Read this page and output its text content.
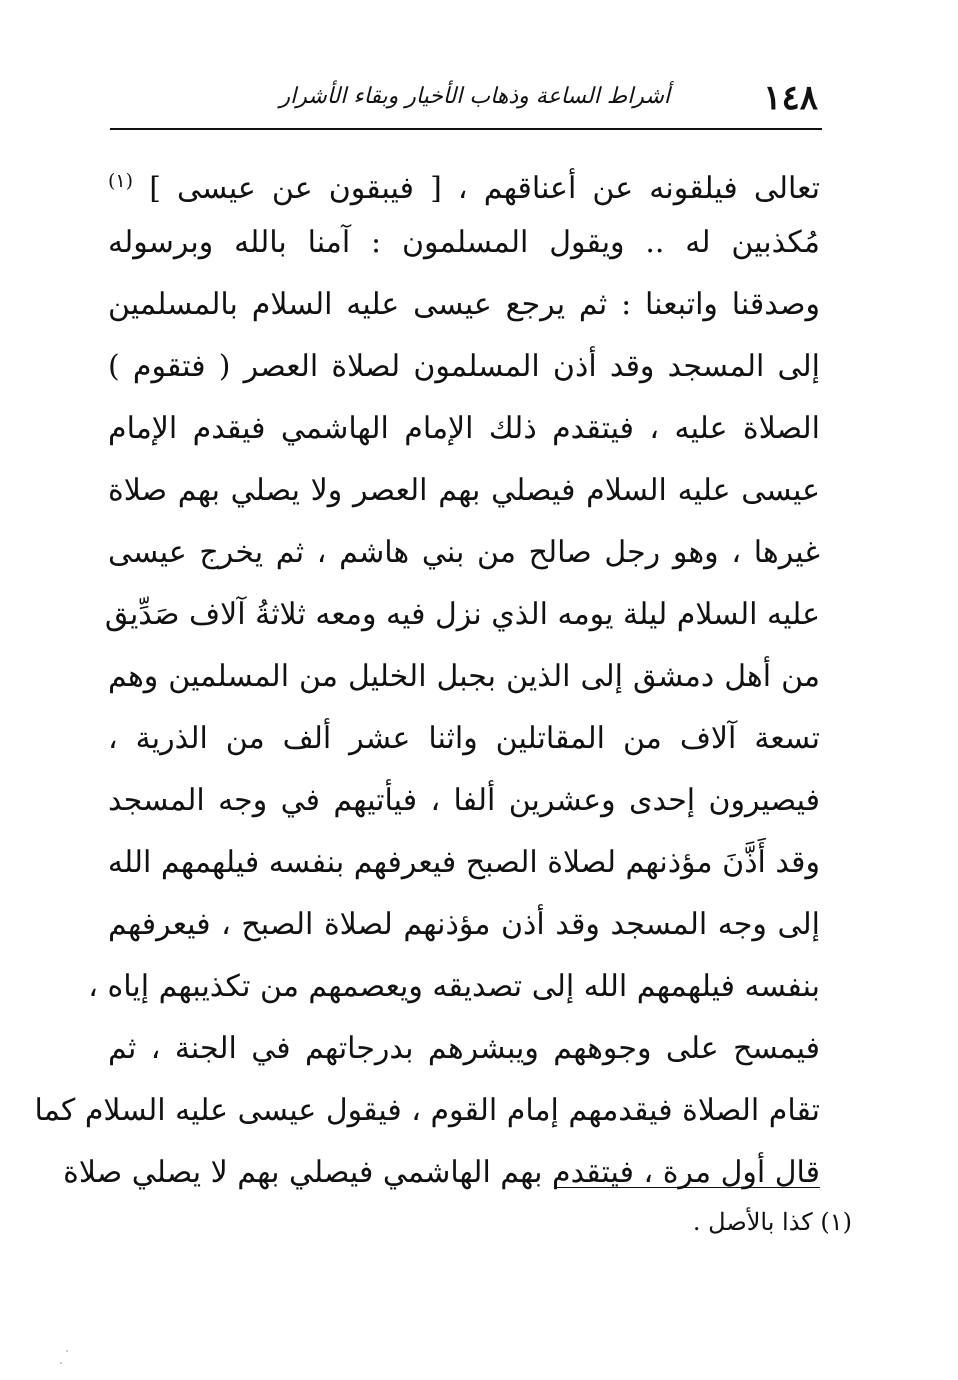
أشراط الساعة وذهاب الأخيار وبقاء الأشرار	١٤٨
تعالى فيلقونه عن أعناقهم ، [ فيبقون عن عيسى ] $^{(١)}$
مُكذبين له .. ويقول المسلمون : آمنا بالله وبرسوله
وصدقنا واتبعنا : ثم يرجع عيسى عليه السلام بالمسلمين
إلى المسجد وقد أذن المسلمون لصلاة العصر ( فتقوم )
الصلاة عليه ، فيتقدم ذلك الإمام الهاشمي فيقدم الإمام
عيسى عليه السلام فيصلي بهم العصر ولا يصلي بهم صلاة
غيرها ، وهو رجل صالح من بني هاشم ، ثم يخرج عيسى
عليه السلام ليلة يومه الذي نزل فيه ومعه ثلاثةُ آلاف صَدِّيق
من أهل دمشق إلى الذين بجبل الخليل من المسلمين وهم
تسعة آلاف من المقاتلين واثنا عشر ألف من الذرية ،
فيصيرون إحدى وعشرين ألفا ، فيأتيهم في وجه المسجد
وقد أَذَّنَ مؤذنهم لصلاة الصبح فيعرفهم بنفسه فيلهمهم الله
إلى وجه المسجد وقد أذن مؤذنهم لصلاة الصبح ، فيعرفهم
بنفسه فيلهمهم الله إلى تصديقه ويعصمهم من تكذيبهم إياه ،
فيمسح على وجوههم ويبشرهم بدرجاتهم في الجنة ، ثم
تقام الصلاة فيقدمهم إمام القوم ، فيقول عيسى عليه السلام كما
قال أول مرة ، فيتقدم بهم الهاشمي فيصلي بهم لا يصلي صلاة
(١) كذا بالأصل .
